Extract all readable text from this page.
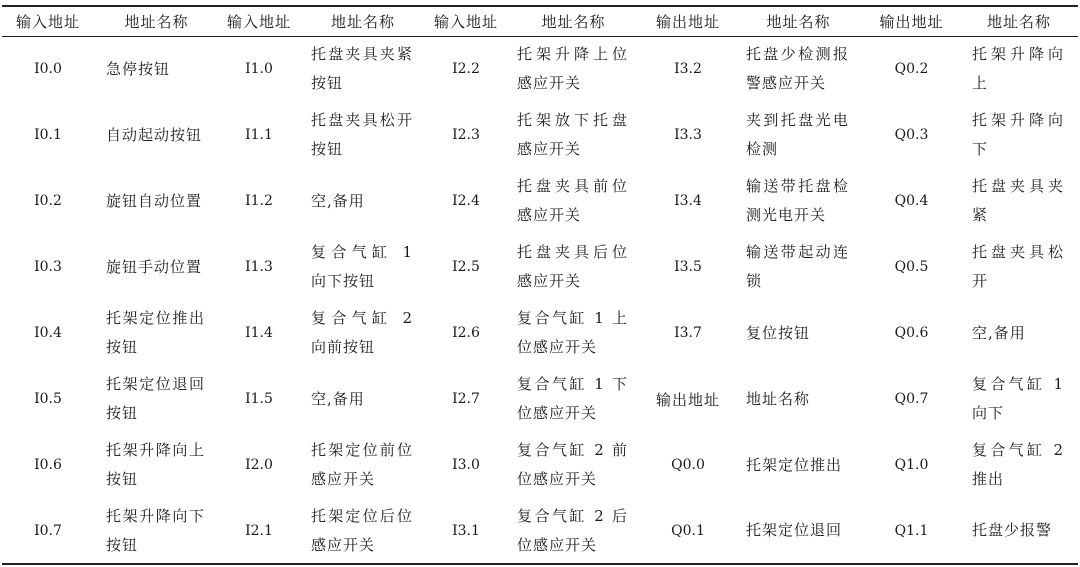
输入地址	地址名称	输入地址	地址名称	输入地址	地址名称	输出地址	地址名称	输出地址	地址名称
I0.0	急停按钮	I1.0	托盘夹具夹紧按钮	I2.2	托架升降上位感应开关	I3.2	托盘少检测报警感应开关	Q0.2	托架升降向上
I0.1	自动起动按钮	I1.1	托盘夹具松开按钮	I2.3	托架放下托盘感应开关	I3.3	夹到托盘光电检测	Q0.3	托架升降向下
I0.2	旋钮自动位置	I1.2	空,备用	I2.4	托盘夹具前位感应开关	I3.4	输送带托盘检测光电开关	Q0.4	托盘夹具夹紧
I0.3	旋钮手动位置	I1.3	复合气缸 1 向下按钮	I2.5	托盘夹具后位感应开关	I3.5	输送带起动连锁	Q0.5	托盘夹具松开
I0.4	托架定位推出按钮	I1.4	复合气缸 2 向前按钮	I2.6	复合气缸 1 上位感应开关	I3.7	复位按钮	Q0.6	空,备用
I0.5	托架定位退回按钮	I1.5	空,备用	I2.7	复合气缸 1 下位感应开关	输出地址	地址名称	Q0.7	复合气缸 1 向下
I0.6	托架升降向上按钮	I2.0	托架定位前位感应开关	I3.0	复合气缸 2 前位感应开关	Q0.0	托架定位推出	Q1.0	复合气缸 2 推出
I0.7	托架升降向下按钮	I2.1	托架定位后位感应开关	I3.1	复合气缸 2 后位感应开关	Q0.1	托架定位退回	Q1.1	托盘少报警
